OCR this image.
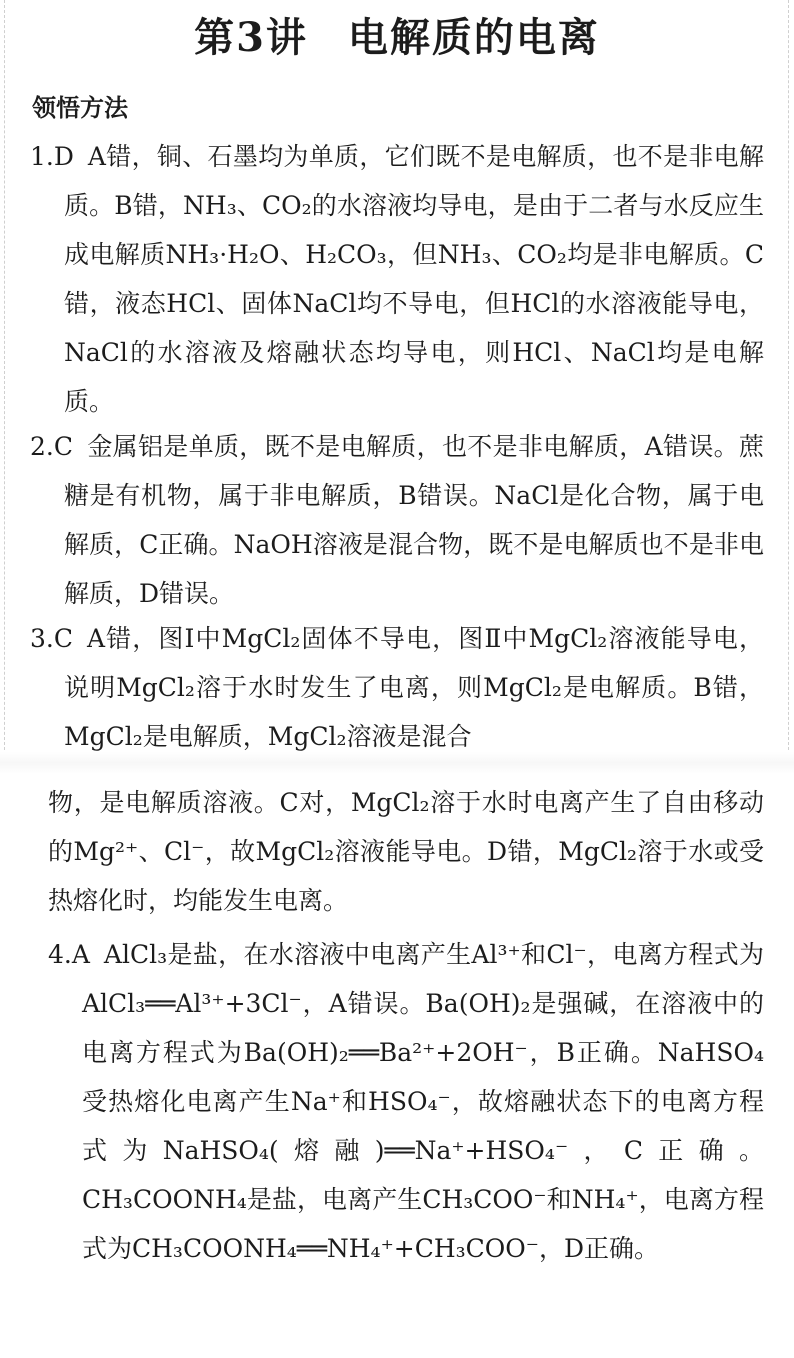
第3讲 电解质的电离
领悟方法
1.D A错，铜、石墨均为单质，它们既不是电解质，也不是非电解质。B错，NH₃、CO₂的水溶液均导电，是由于二者与水反应生成电解质NH₃·H₂O、H₂CO₃，但NH₃、CO₂均是非电解质。C错，液态HCl、固体NaCl均不导电，但HCl的水溶液能导电，NaCl的水溶液及熔融状态均导电，则HCl、NaCl均是电解质。
2.C 金属铝是单质，既不是电解质，也不是非电解质，A错误。蔗糖是有机物，属于非电解质，B错误。NaCl是化合物，属于电解质，C正确。NaOH溶液是混合物，既不是电解质也不是非电解质，D错误。
3.C A错，图Ⅰ中MgCl₂固体不导电，图Ⅱ中MgCl₂溶液能导电，说明MgCl₂溶于水时发生了电离，则MgCl₂是电解质。B错，MgCl₂是电解质，MgCl₂溶液是混合
物，是电解质溶液。C对，MgCl₂溶于水时电离产生了自由移动的Mg²⁺、Cl⁻，故MgCl₂溶液能导电。D错，MgCl₂溶于水或受热熔化时，均能发生电离。
4.A AlCl₃是盐，在水溶液中电离产生Al³⁺和Cl⁻，电离方程式为AlCl₃══Al³⁺+3Cl⁻，A错误。Ba(OH)₂是强碱，在溶液中的电离方程式为Ba(OH)₂══Ba²⁺+2OH⁻，B正确。NaHSO₄受热熔化电离产生Na⁺和HSO₄⁻，故熔融状态下的电离方程式为NaHSO₄(熔融)══Na⁺+HSO₄⁻，C正确。CH₃COONH₄是盐，电离产生CH₃COO⁻和NH₄⁺，电离方程式为CH₃COONH₄══NH₄⁺+CH₃COO⁻，D正确。
